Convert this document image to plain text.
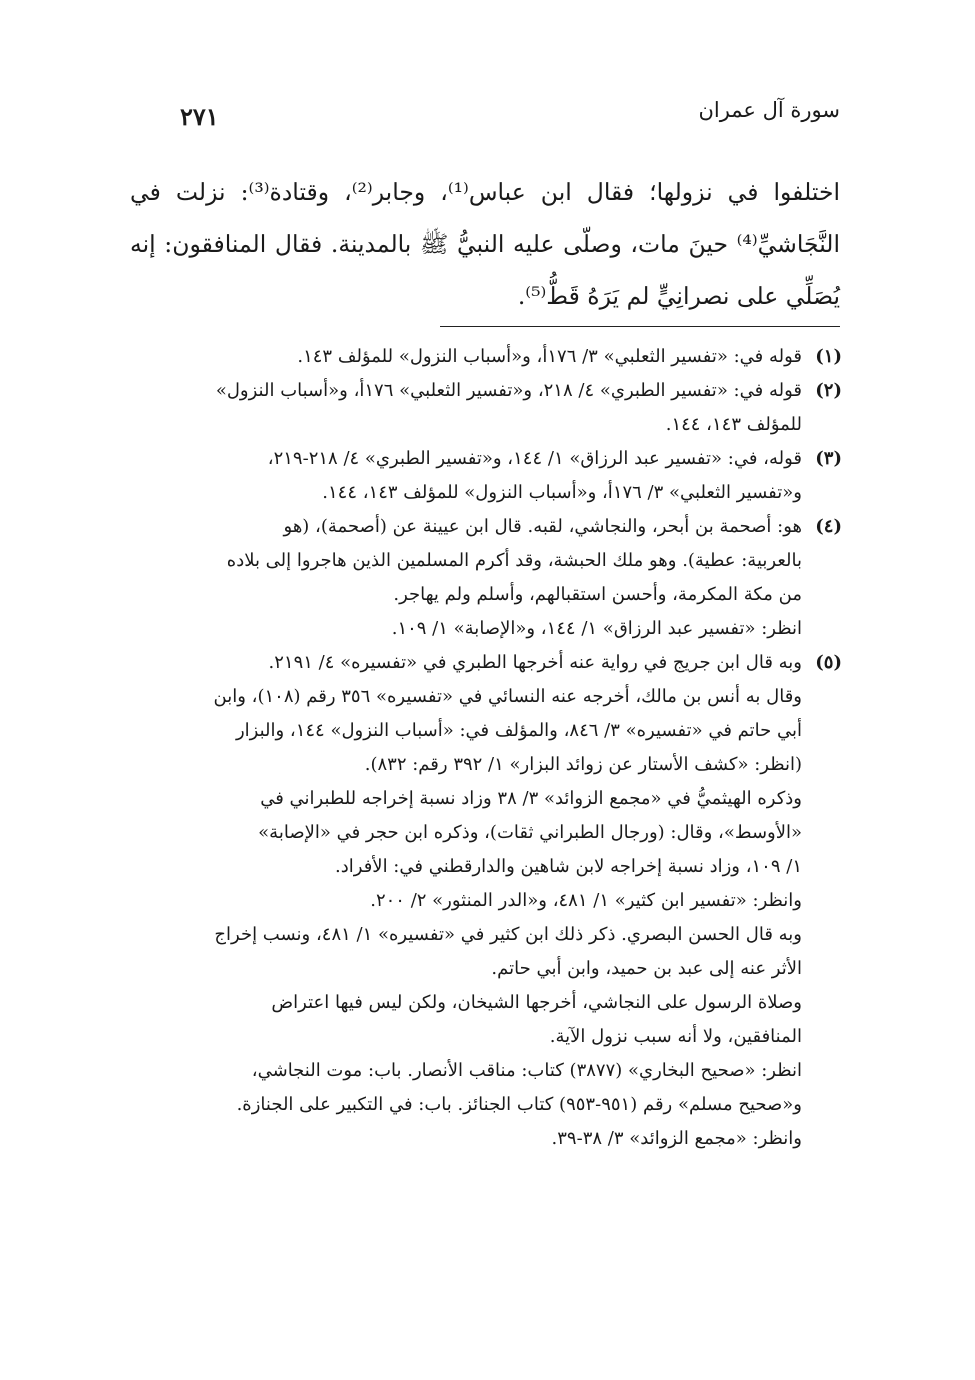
٢٧١	سورة آل عمران

اختلفوا في نزولها؛ فقال ابن عباس⁽¹⁾، وجابر⁽²⁾، وقتادة⁽³⁾: نزلت في النَّجَاشيِّ⁽⁴⁾ حينَ مات، وصلّى عليه النبيُّ ﷺ بالمدينة. فقال المنافقون: إنه يُصَلِّي على نصرانِيٍّ لم يَرَهُ قَطُّ⁽⁵⁾.

(١)
قوله في: «تفسير الثعلبي» ٣/ ١٧٦أ، و«أسباب النزول» للمؤلف ١٤٣.
(٢)
قوله في: «تفسير الطبري» ٤/ ٢١٨، و«تفسير الثعلبي» ١٧٦أ، و«أسباب النزول»
للمؤلف ١٤٣، ١٤٤.
(٣)
قوله، في: «تفسير عبد الرزاق» ١/ ١٤٤، و«تفسير الطبري» ٤/ ٢١٨-٢١٩،
و«تفسير الثعلبي» ٣/ ١٧٦أ، و«أسباب النزول» للمؤلف ١٤٣، ١٤٤.
(٤)
هو: أصحمة بن أبحر، والنجاشي، لقبه. قال ابن عيينة عن (أصحمة)، (هو
بالعربية: عطية). وهو ملك الحبشة، وقد أكرم المسلمين الذين هاجروا إلى بلاده
من مكة المكرمة، وأحسن استقبالهم، وأسلم ولم يهاجر.
انظر: «تفسير عبد الرزاق» ١/ ١٤٤، و«الإصابة» ١/ ١٠٩.
(٥)
وبه قال ابن جريج في رواية عنه أخرجها الطبري في «تفسيره» ٤/ ٢١٩١.
وقال به أنس بن مالك، أخرجه عنه النسائي في «تفسيره» ٣٥٦ رقم (١٠٨)، وابن
أبي حاتم في «تفسيره» ٣/ ٨٤٦، والمؤلف في: «أسباب النزول» ١٤٤، والبزار
(انظر: «كشف الأستار عن زوائد البزار» ١/ ٣٩٢ رقم: ٨٣٢).
وذكره الهيثميُّ في «مجمع الزوائد» ٣/ ٣٨ وزاد نسبة إخراجه للطبراني في
«الأوسط»، وقال: (ورجال الطبراني ثقات)، وذكره ابن حجر في «الإصابة»
١/ ١٠٩، وزاد نسبة إخراجه لابن شاهين والدارقطني في: الأفراد.
وانظر: «تفسير ابن كثير» ١/ ٤٨١، و«الدر المنثور» ٢/ ٢٠٠.
وبه قال الحسن البصري. ذكر ذلك ابن كثير في «تفسيره» ١/ ٤٨١، ونسب إخراج
الأثر عنه إلى عبد بن حميد، وابن أبي حاتم.
وصلاة الرسول على النجاشي، أخرجها الشيخان، ولكن ليس فيها اعتراض
المنافقين، ولا أنه سبب نزول الآية.
انظر: «صحيح البخاري» (٣٨٧٧) كتاب: مناقب الأنصار. باب: موت النجاشي،
و«صحيح مسلم» رقم (٩٥١-٩٥٣) كتاب الجنائز. باب: في التكبير على الجنازة.
وانظر: «مجمع الزوائد» ٣/ ٣٨-٣٩.
